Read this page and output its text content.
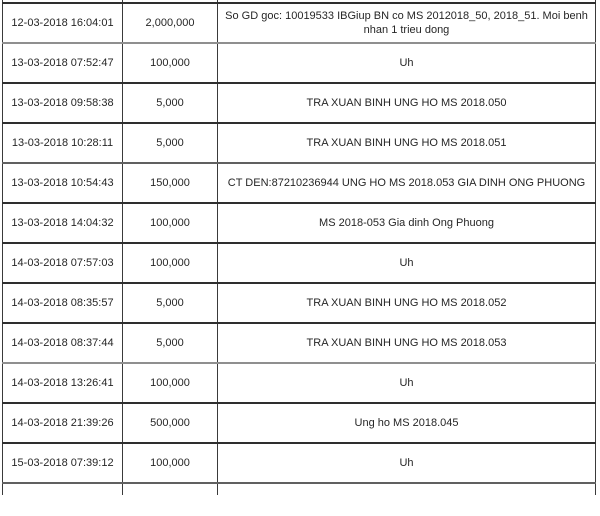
12-03-2018 16:04:01	2,000,000	So GD goc: 10019533 IBGiup BN co MS 2012018_50, 2018_51. Moi benh nhan 1 trieu dong
13-03-2018 07:52:47	100,000	Uh
13-03-2018 09:58:38	5,000	TRA XUAN BINH UNG HO MS 2018.050
13-03-2018 10:28:11	5,000	TRA XUAN BINH UNG HO MS 2018.051
13-03-2018 10:54:43	150,000	CT DEN:87210236944 UNG HO MS 2018.053 GIA DINH ONG PHUONG
13-03-2018 14:04:32	100,000	MS 2018-053 Gia dinh Ong Phuong
14-03-2018 07:57:03	100,000	Uh
14-03-2018 08:35:57	5,000	TRA XUAN BINH UNG HO MS 2018.052
14-03-2018 08:37:44	5,000	TRA XUAN BINH UNG HO MS 2018.053
14-03-2018 13:26:41	100,000	Uh
14-03-2018 21:39:26	500,000	Ung ho MS 2018.045
15-03-2018 07:39:12	100,000	Uh
